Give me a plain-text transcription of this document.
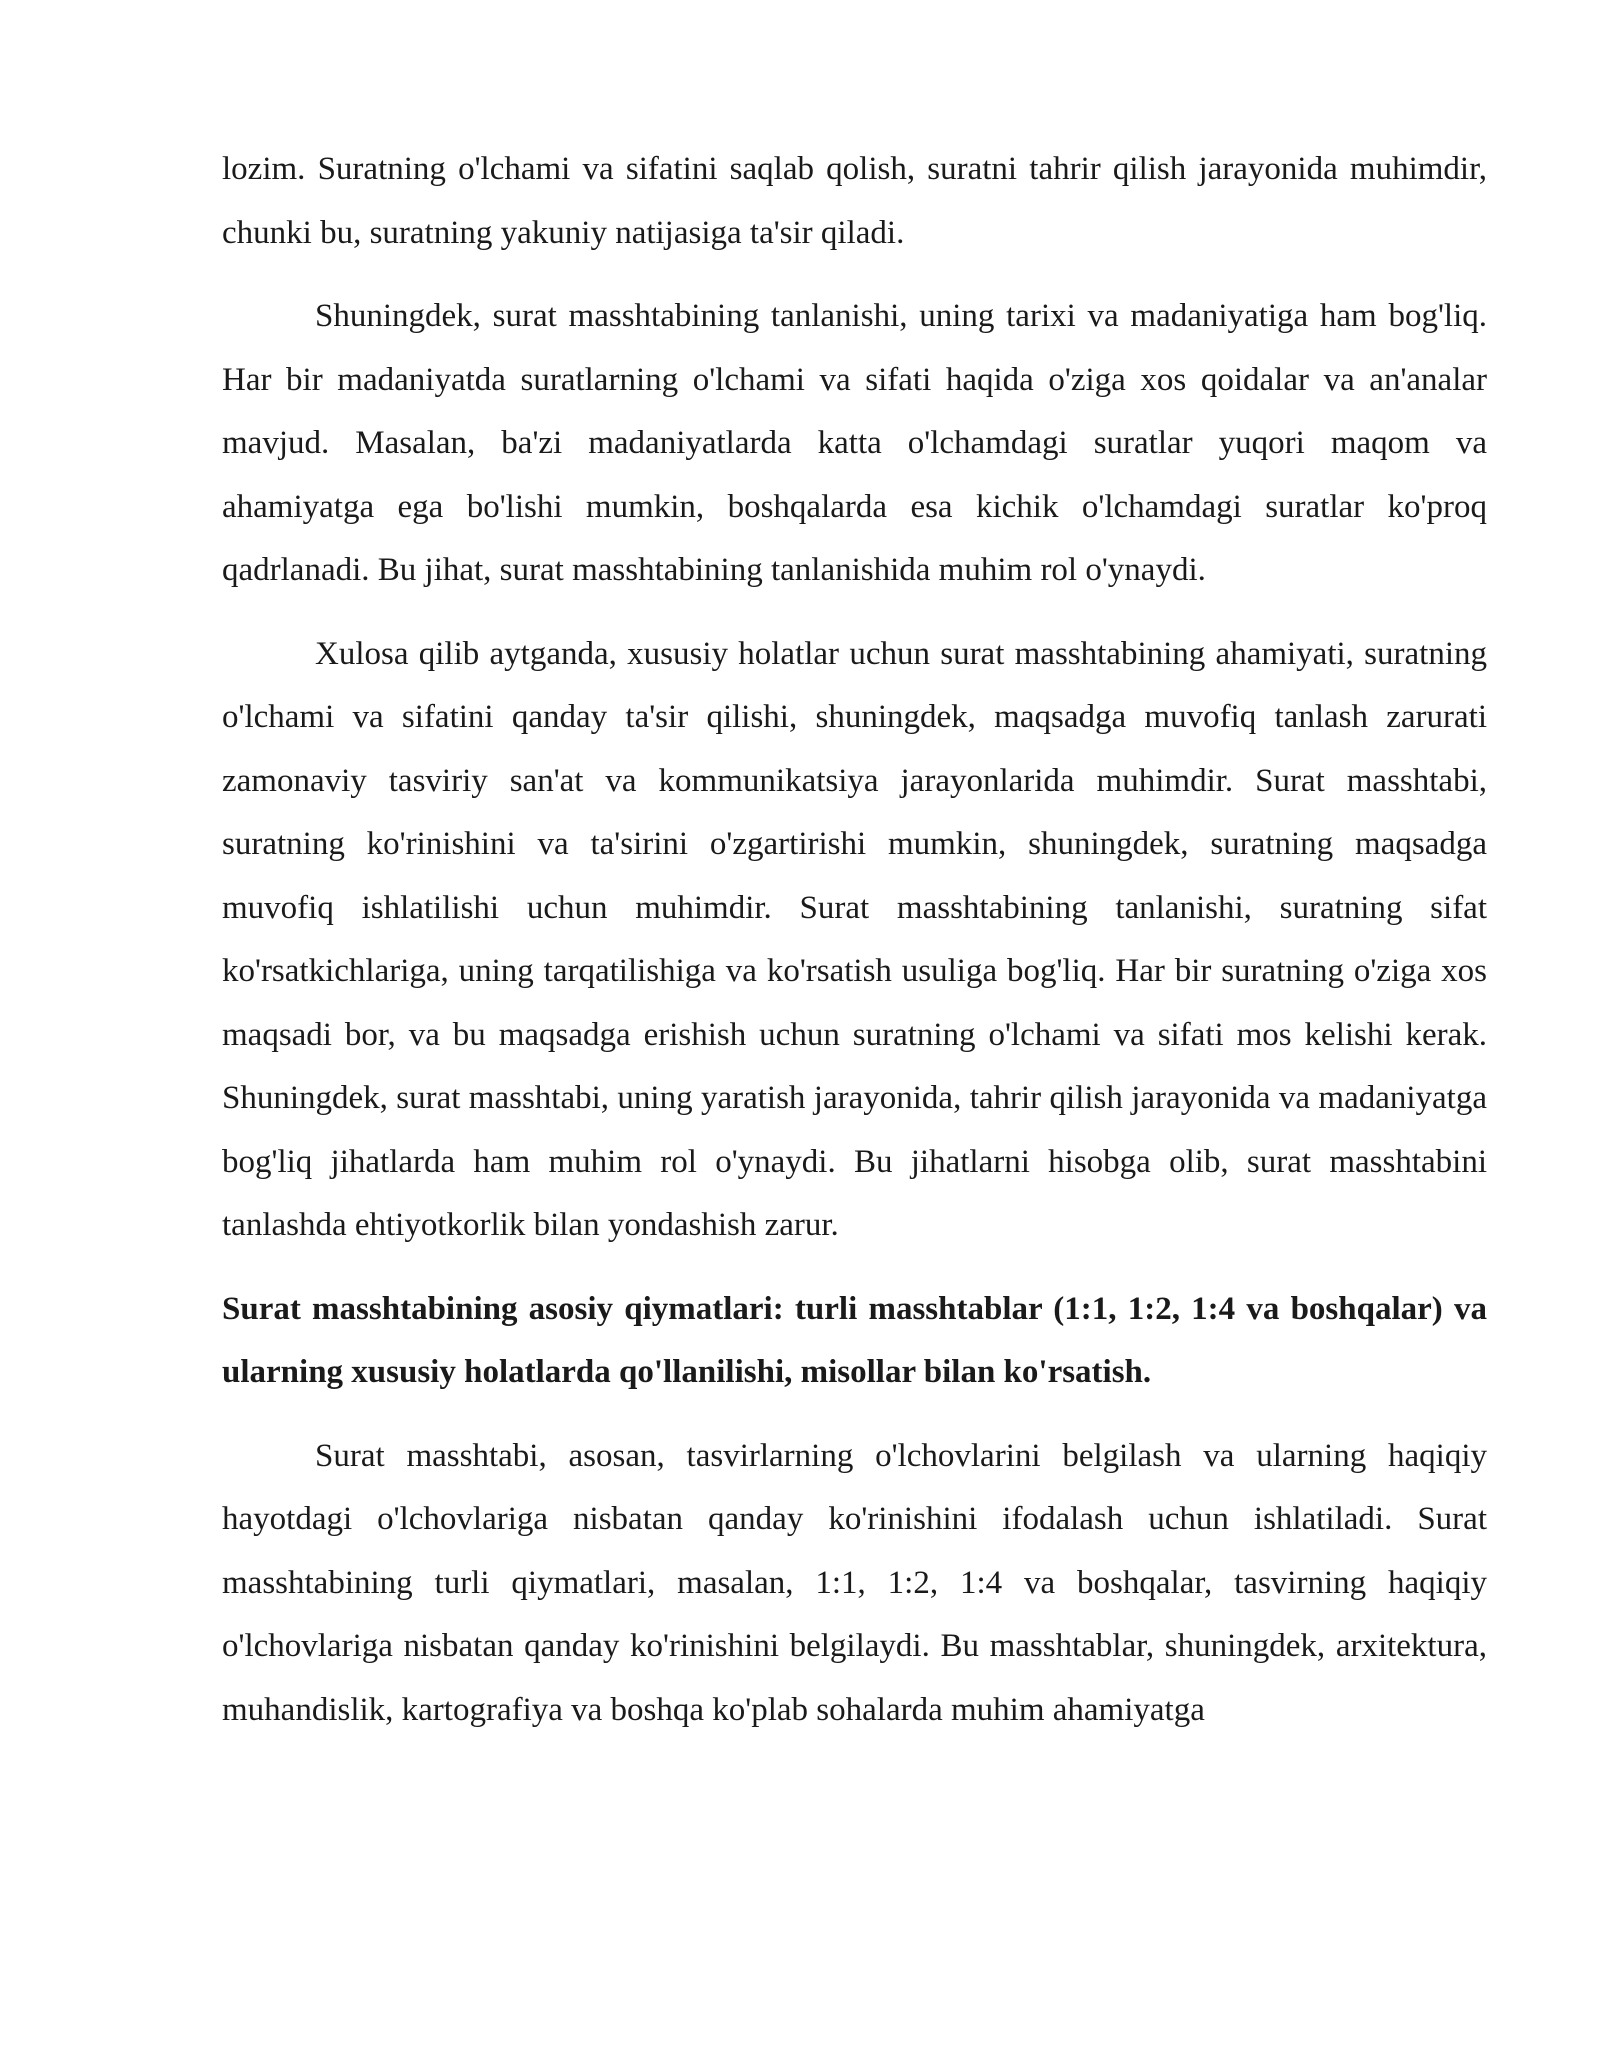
lozim. Suratning o'lchami va sifatini saqlab qolish, suratni tahrir qilish jarayonida muhimdir, chunki bu, suratning yakuniy natijasiga ta'sir qiladi.

Shuningdek, surat masshtabining tanlanishi, uning tarixi va madaniyatiga ham bog'liq. Har bir madaniyatda suratlarning o'lchami va sifati haqida o'ziga xos qoidalar va an'analar mavjud. Masalan, ba'zi madaniyatlarda katta o'lchamdagi suratlar yuqori maqom va ahamiyatga ega bo'lishi mumkin, boshqalarda esa kichik o'lchamdagi suratlar ko'proq qadrlanadi. Bu jihat, surat masshtabining tanlanishida muhim rol o'ynaydi.

Xulosa qilib aytganda, xususiy holatlar uchun surat masshtabining ahamiyati, suratning o'lchami va sifatini qanday ta'sir qilishi, shuningdek, maqsadga muvofiq tanlash zarurati zamonaviy tasviriy san'at va kommunikatsiya jarayonlarida muhimdir. Surat masshtabi, suratning ko'rinishini va ta'sirini o'zgartirishi mumkin, shuningdek, suratning maqsadga muvofiq ishlatilishi uchun muhimdir. Surat masshtabining tanlanishi, suratning sifat ko'rsatkichlariga, uning tarqatilishiga va ko'rsatish usuliga bog'liq. Har bir suratning o'ziga xos maqsadi bor, va bu maqsadga erishish uchun suratning o'lchami va sifati mos kelishi kerak. Shuningdek, surat masshtabi, uning yaratish jarayonida, tahrir qilish jarayonida va madaniyatga bog'liq jihatlarda ham muhim rol o'ynaydi. Bu jihatlarni hisobga olib, surat masshtabini tanlashda ehtiyotkorlik bilan yondashish zarur.

Surat masshtabining asosiy qiymatlari: turli masshtablar (1:1, 1:2, 1:4 va boshqalar) va ularning xususiy holatlarda qo'llanilishi, misollar bilan ko'rsatish.

Surat masshtabi, asosan, tasvirlarning o'lchovlarini belgilash va ularning haqiqiy hayotdagi o'lchovlariga nisbatan qanday ko'rinishini ifodalash uchun ishlatiladi. Surat masshtabining turli qiymatlari, masalan, 1:1, 1:2, 1:4 va boshqalar, tasvirning haqiqiy o'lchovlariga nisbatan qanday ko'rinishini belgilaydi. Bu masshtablar, shuningdek, arxitektura, muhandislik, kartografiya va boshqa ko'plab sohalarda muhim ahamiyatga
